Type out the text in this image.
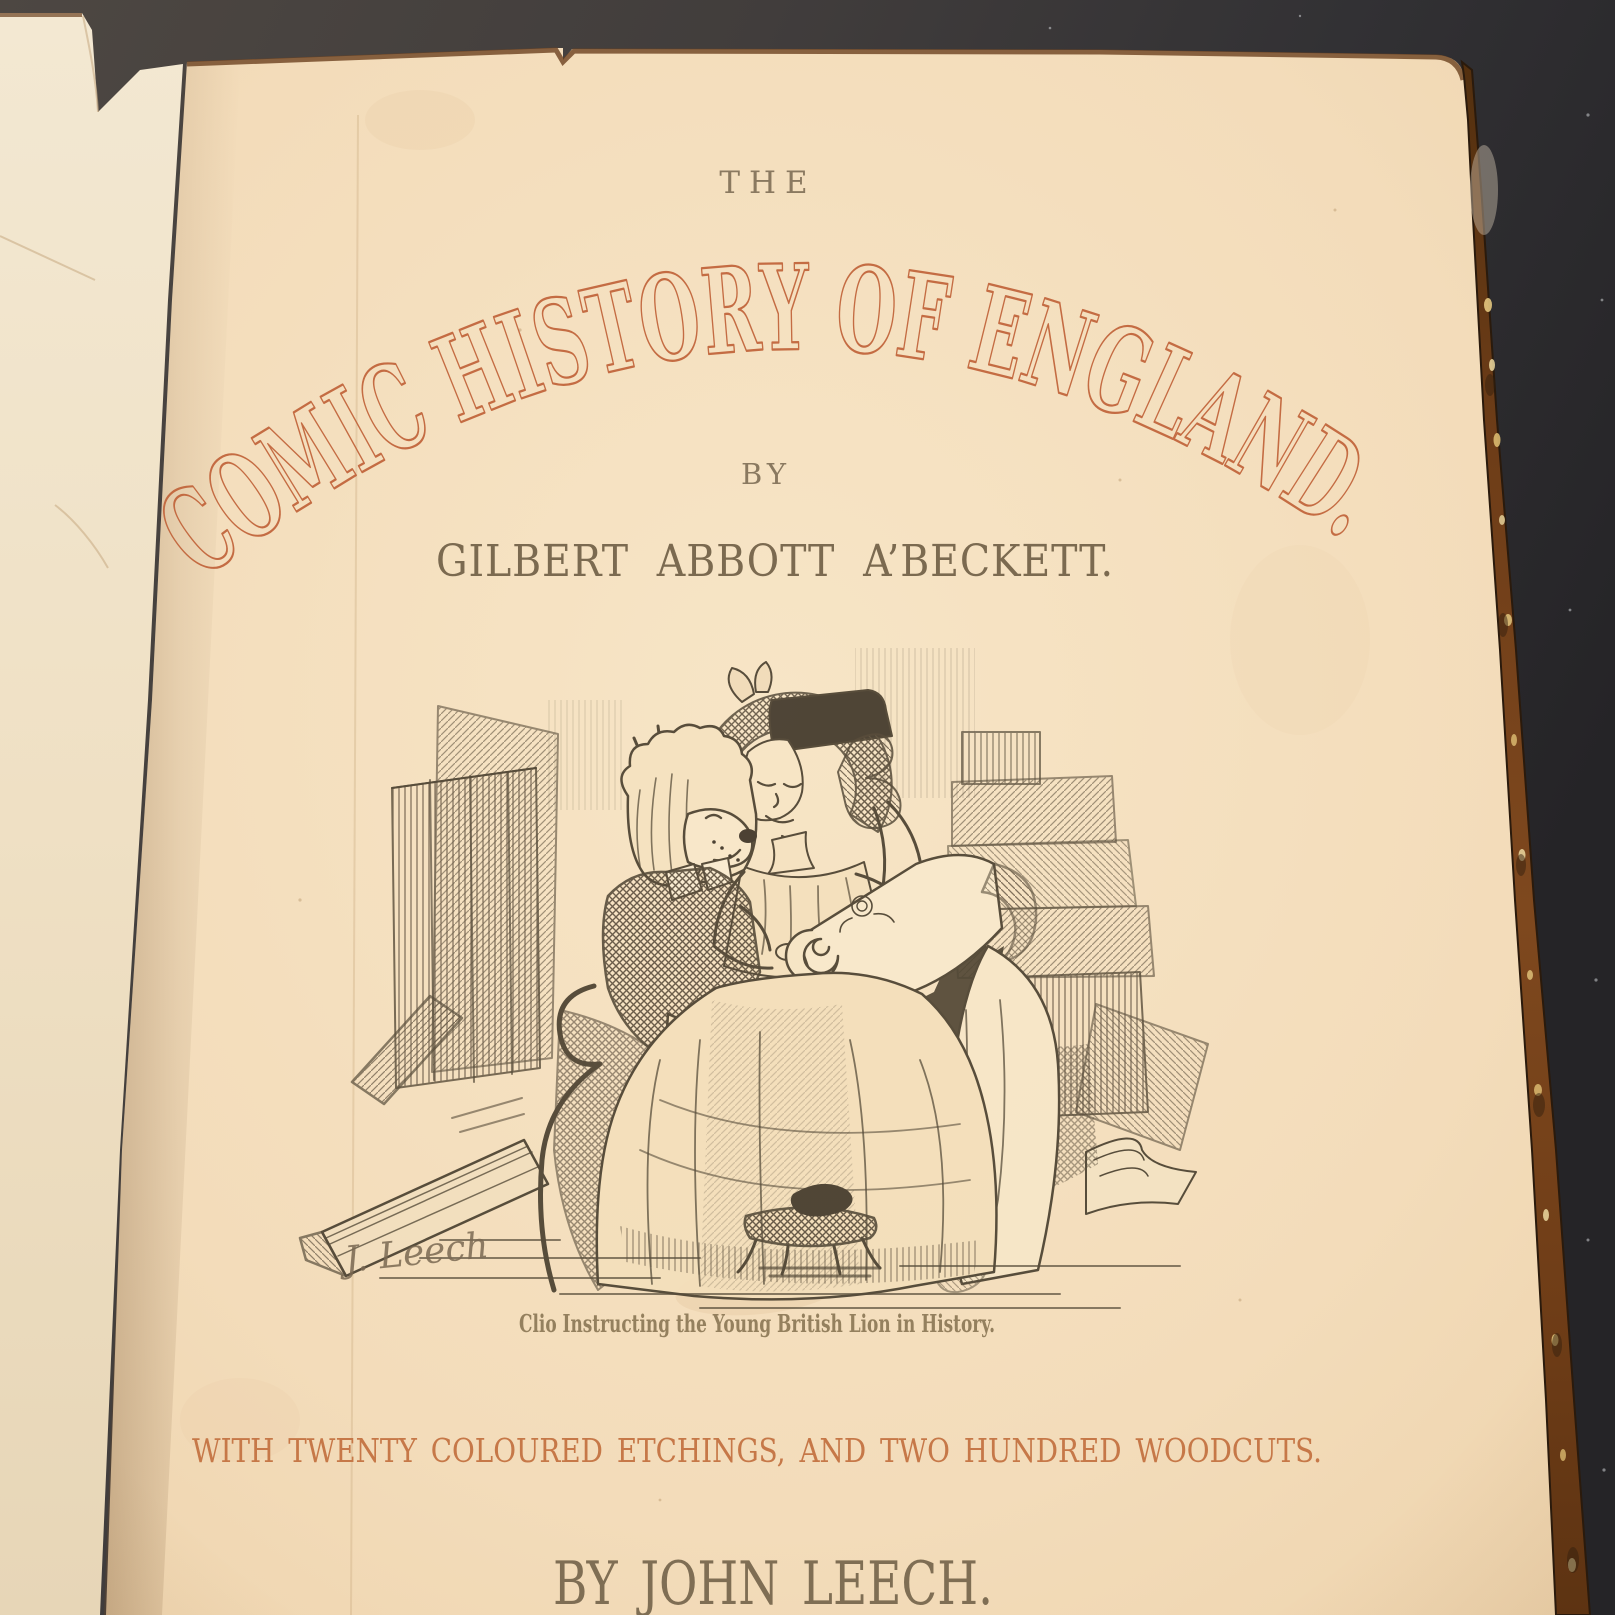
THE
COMIC HISTORY OF ENGLAND.
BY
GILBERT ABBOTT A’BECKETT.
Clio Instructing the Young British Lion in History.
WITH TWENTY COLOURED ETCHINGS, AND TWO HUNDRED WOODCUTS.
BY JOHN LEECH.
J. Leech
